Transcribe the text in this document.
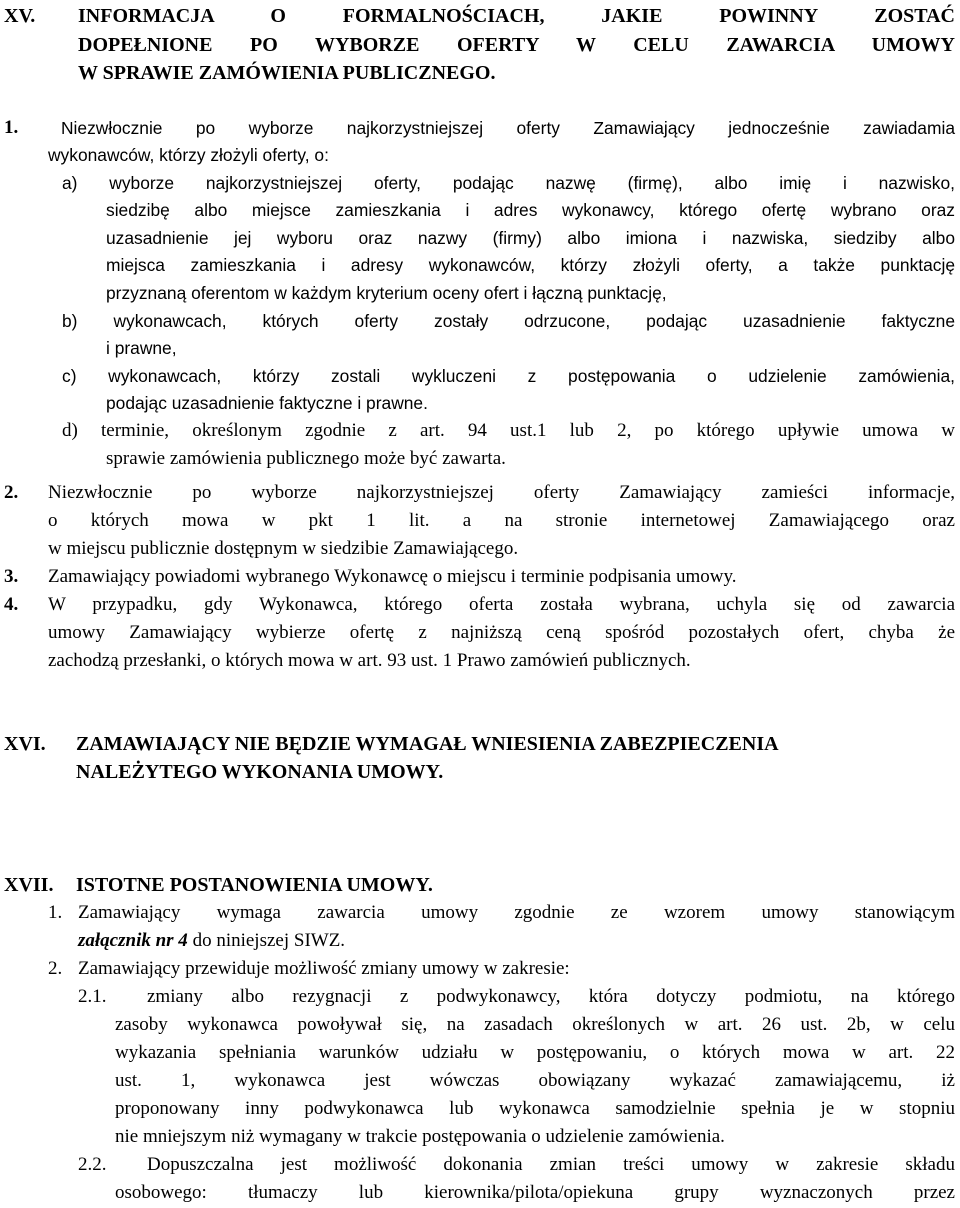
XV. INFORMACJA O FORMALNOŚCIACH, JAKIE POWINNY ZOSTAĆ
DOPEŁNIONE PO WYBORZE OFERTY W CELU ZAWARCIA UMOWY
W SPRAWIE ZAMÓWIENIA PUBLICZNEGO.
1. Niezwłocznie po wyborze najkorzystniejszej oferty Zamawiający jednocześnie zawiadamia
wykonawców, którzy złożyli oferty, o:
a) wyborze najkorzystniejszej oferty, podając nazwę (firmę), albo imię i nazwisko,
siedzibę albo miejsce zamieszkania i adres wykonawcy, którego ofertę wybrano oraz
uzasadnienie jej wyboru oraz nazwy (firmy) albo imiona i nazwiska, siedziby albo
miejsca zamieszkania i adresy wykonawców, którzy złożyli oferty, a także punktację
przyznaną oferentom w każdym kryterium oceny ofert i łączną punktację,
b) wykonawcach, których oferty zostały odrzucone, podając uzasadnienie faktyczne
i prawne,
c) wykonawcach, którzy zostali wykluczeni z postępowania o udzielenie zamówienia,
podając uzasadnienie faktyczne i prawne.
d) terminie, określonym zgodnie z art. 94 ust.1 lub 2, po którego upływie umowa w
sprawie zamówienia publicznego może być zawarta.
2. Niezwłocznie po wyborze najkorzystniejszej oferty Zamawiający zamieści informacje,
o których mowa w pkt 1 lit. a na stronie internetowej Zamawiającego oraz
w miejscu publicznie dostępnym w siedzibie Zamawiającego.
3. Zamawiający powiadomi wybranego Wykonawcę o miejscu i terminie podpisania umowy.
4. W przypadku, gdy Wykonawca, którego oferta została wybrana, uchyla się od zawarcia
umowy Zamawiający wybierze ofertę z najniższą ceną spośród pozostałych ofert, chyba że
zachodzą przesłanki, o których mowa w art. 93 ust. 1 Prawo zamówień publicznych.
XVI. ZAMAWIAJĄCY NIE BĘDZIE WYMAGAŁ WNIESIENIA ZABEZPIECZENIA
NALEŻYTEGO WYKONANIA UMOWY.
XVII. ISTOTNE POSTANOWIENIA UMOWY.
1. Zamawiający wymaga zawarcia umowy zgodnie ze wzorem umowy stanowiącym
załącznik nr 4 do niniejszej SIWZ.
2. Zamawiający przewiduje możliwość zmiany umowy w zakresie:
2.1. zmiany albo rezygnacji z podwykonawcy, która dotyczy podmiotu, na którego
zasoby wykonawca powoływał się, na zasadach określonych w art. 26 ust. 2b, w celu
wykazania spełniania warunków udziału w postępowaniu, o których mowa w art. 22
ust. 1, wykonawca jest wówczas obowiązany wykazać zamawiającemu, iż
proponowany inny podwykonawca lub wykonawca samodzielnie spełnia je w stopniu
nie mniejszym niż wymagany w trakcie postępowania o udzielenie zamówienia.
2.2. Dopuszczalna jest możliwość dokonania zmian treści umowy w zakresie składu
osobowego: tłumaczy lub kierownika/pilota/opiekuna grupy wyznaczonych przez
